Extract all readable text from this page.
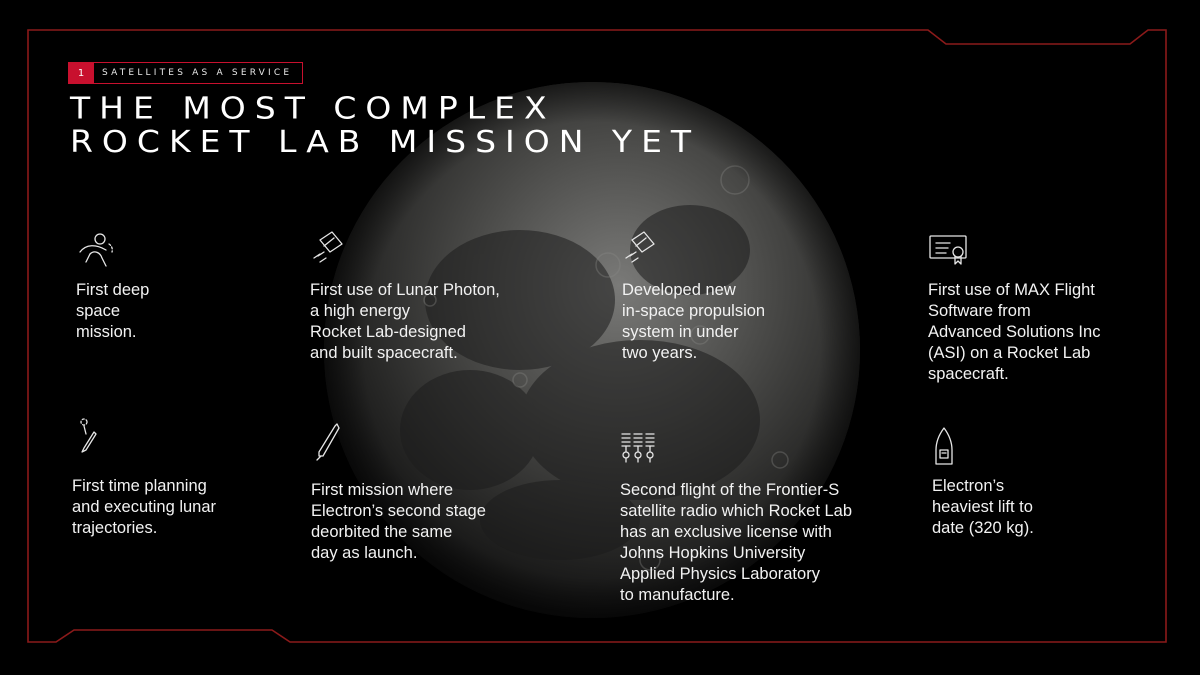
1	SATELLITES AS A SERVICE
THE MOST COMPLEX
ROCKET LAB MISSION YET

First deep
space
mission.

First use of Lunar Photon,
a high energy
Rocket Lab-designed
and built spacecraft.

Developed new
in-space propulsion
system in under
two years.

First use of MAX Flight
Software from
Advanced Solutions Inc
(ASI) on a Rocket Lab
spacecraft.

First time planning
and executing lunar
trajectories.

First mission where
Electron’s second stage
deorbited the same
day as launch.

Second flight of the Frontier-S
satellite radio which Rocket Lab
has an exclusive license with
Johns Hopkins University
Applied Physics Laboratory
to manufacture.

Electron’s
heaviest lift to
date (320 kg).
